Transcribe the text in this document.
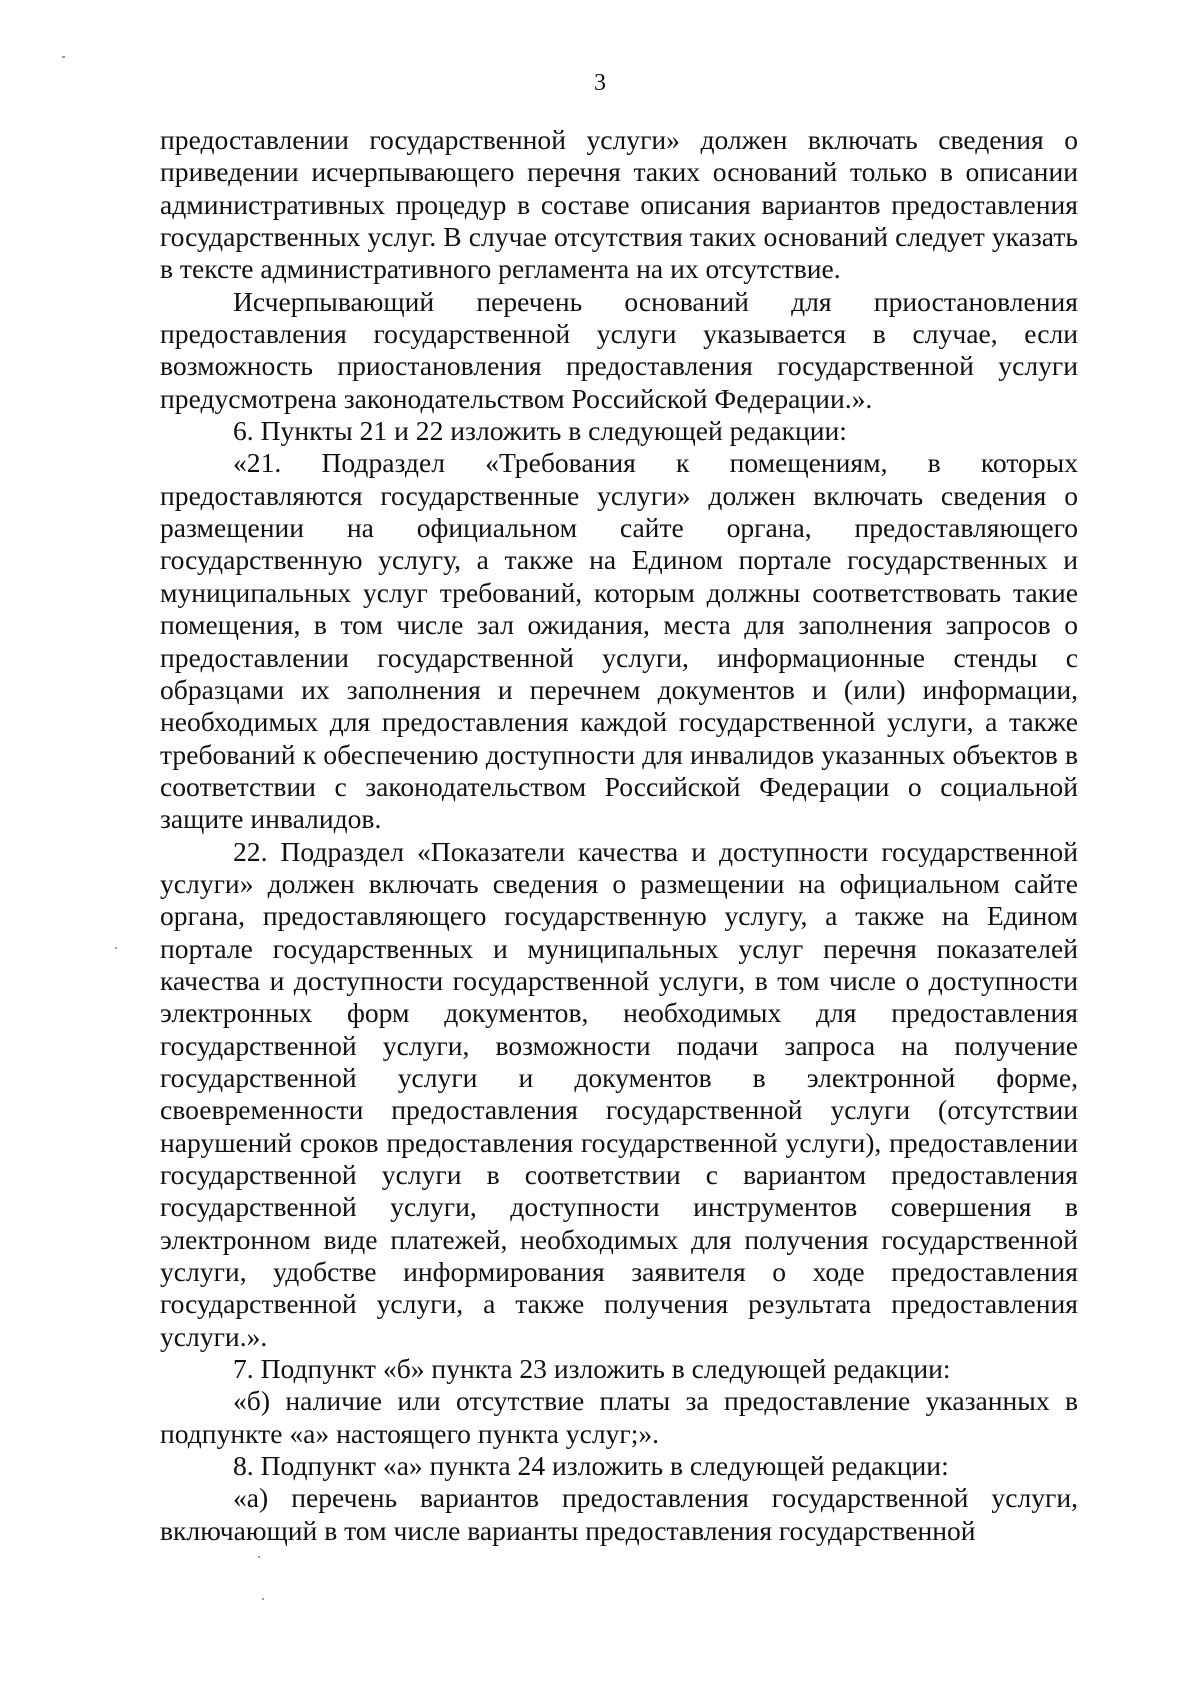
3

предоставлении государственной услуги» должен включать сведения о приведении исчерпывающего перечня таких оснований только в описании административных процедур в составе описания вариантов предоставления государственных услуг. В случае отсутствия таких оснований следует указать в тексте административного регламента на их отсутствие.

Исчерпывающий перечень оснований для приостановления предоставления государственной услуги указывается в случае, если возможность приостановления предоставления государственной услуги предусмотрена законодательством Российской Федерации.».

6. Пункты 21 и 22 изложить в следующей редакции:

«21. Подраздел «Требования к помещениям, в которых предоставляются государственные услуги» должен включать сведения о размещении на официальном сайте органа, предоставляющего государственную услугу, а также на Едином портале государственных и муниципальных услуг требований, которым должны соответствовать такие помещения, в том числе зал ожидания, места для заполнения запросов о предоставлении государственной услуги, информационные стенды с образцами их заполнения и перечнем документов и (или) информации, необходимых для предоставления каждой государственной услуги, а также требований к обеспечению доступности для инвалидов указанных объектов в соответствии с законодательством Российской Федерации о социальной защите инвалидов.

22. Подраздел «Показатели качества и доступности государственной услуги» должен включать сведения о размещении на официальном сайте органа, предоставляющего государственную услугу, а также на Едином портале государственных и муниципальных услуг перечня показателей качества и доступности государственной услуги, в том числе о доступности электронных форм документов, необходимых для предоставления государственной услуги, возможности подачи запроса на получение государственной услуги и документов в электронной форме, своевременности предоставления государственной услуги (отсутствии нарушений сроков предоставления государственной услуги), предоставлении государственной услуги в соответствии с вариантом предоставления государственной услуги, доступности инструментов совершения в электронном виде платежей, необходимых для получения государственной услуги, удобстве информирования заявителя о ходе предоставления государственной услуги, а также получения результата предоставления услуги.».

7. Подпункт «б» пункта 23 изложить в следующей редакции:

«б) наличие или отсутствие платы за предоставление указанных в подпункте «а» настоящего пункта услуг;».

8. Подпункт «а» пункта 24 изложить в следующей редакции:

«а) перечень вариантов предоставления государственной услуги, включающий в том числе варианты предоставления государственной
